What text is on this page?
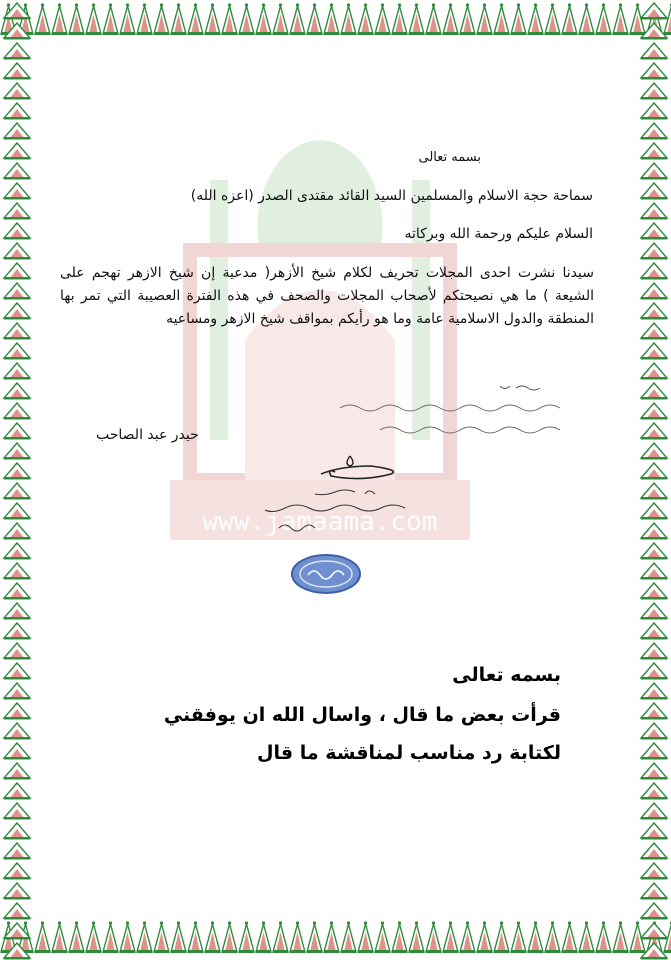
www.jamaama.com
بسمه تعالى
سماحة حجة الاسلام والمسلمين السيد القائد مقتدى الصدر (اعزه الله)
السلام عليكم ورحمة الله وبركاته
سيدنا نشرت احدى المجلات تحريف لكلام شيخ الأزهر( مدعية إن شيخ الازهر تهجم على الشيعة ) ما هي نصيحتكم لأصحاب المجلات والصحف في هذه الفترة العصيبة التي تمر بها المنطقة والدول الاسلامية عامة وما هو رأيكم بمواقف شيخ الازهر ومساعيه
حيدر عبد الصاحب
بسمه تعالى
قرأت بعض ما قال ، واسال الله ان يوفقني
لكتابة رد مناسب لمناقشة ما قال
